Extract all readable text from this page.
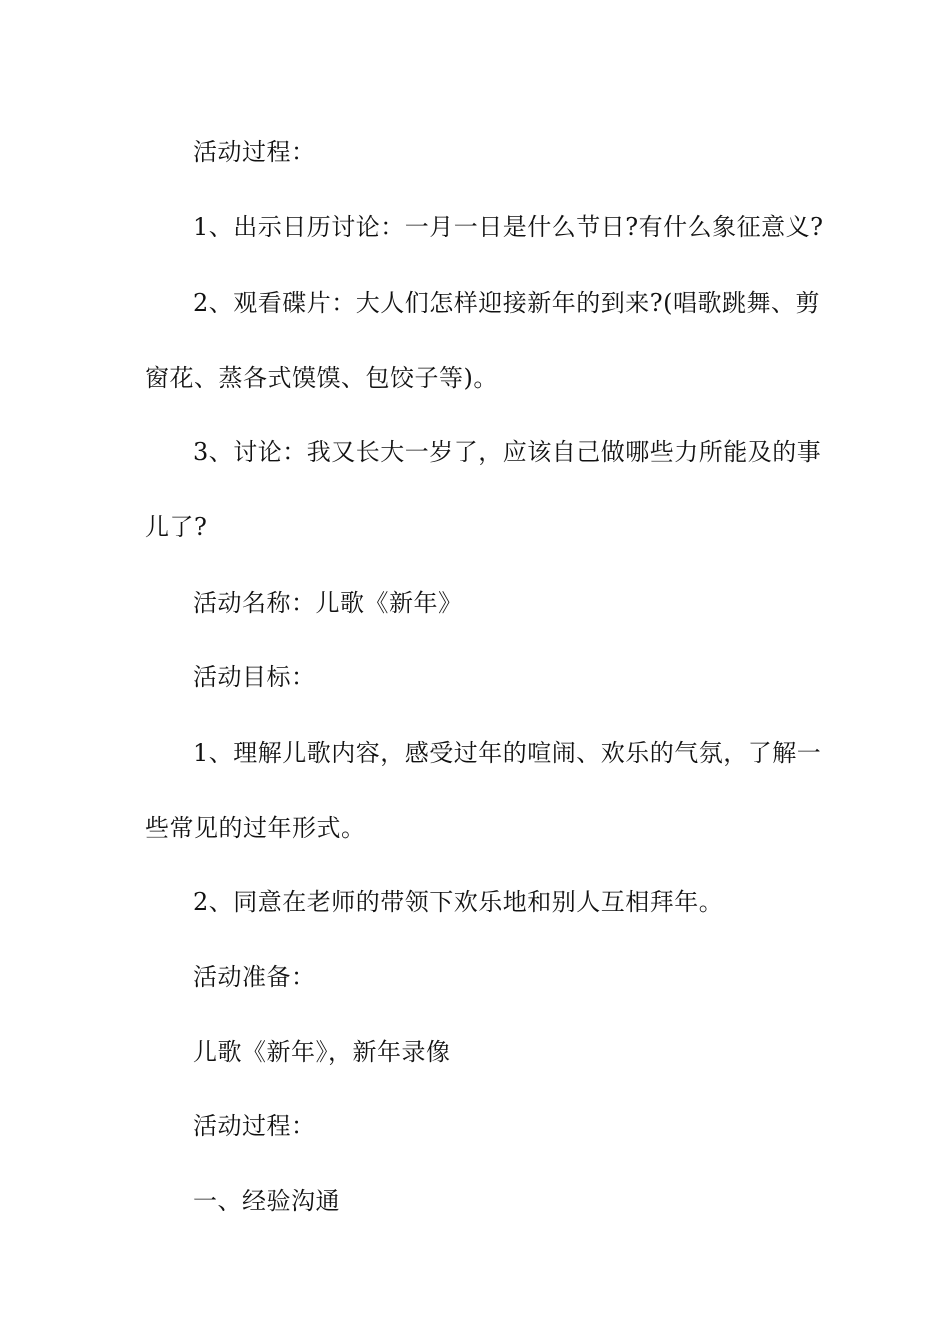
活动过程：
1、出示日历讨论：一月一日是什么节日?有什么象征意义?
2、观看碟片：大人们怎样迎接新年的到来?(唱歌跳舞、剪
窗花、蒸各式馍馍、包饺子等)。
3、讨论：我又长大一岁了，应该自己做哪些力所能及的事
儿了?
活动名称：儿歌《新年》
活动目标：
1、理解儿歌内容，感受过年的喧闹、欢乐的气氛，了解一
些常见的过年形式。
2、同意在老师的带领下欢乐地和别人互相拜年。
活动准备：
儿歌《新年》，新年录像
活动过程：
一、经验沟通
